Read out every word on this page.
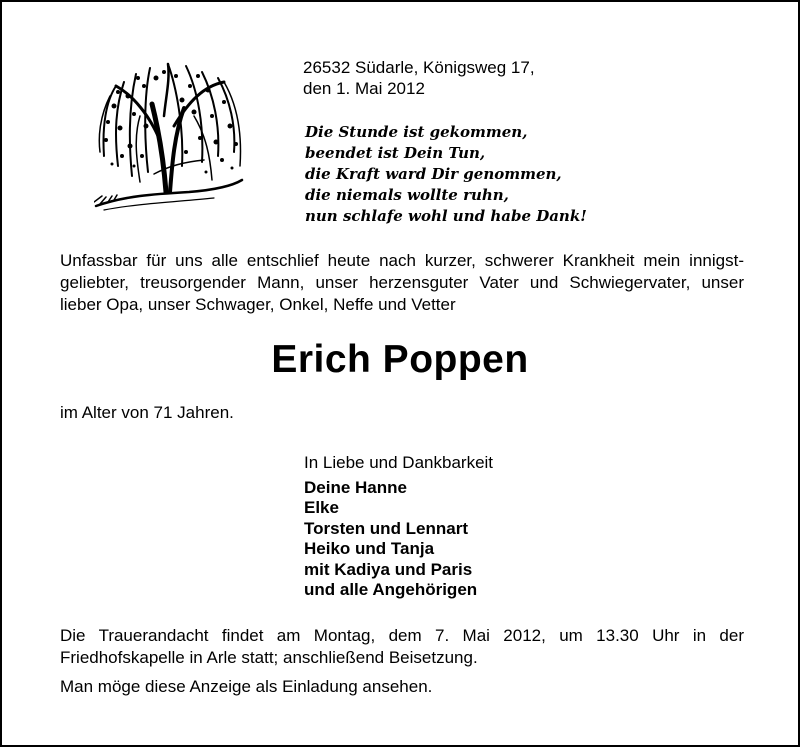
26532 Südarle, Königsweg 17,
den 1. Mai 2012
Die Stunde ist gekommen,
beendet ist Dein Tun,
die Kraft ward Dir genommen,
die niemals wollte ruhn,
nun schlafe wohl und habe Dank!
Unfassbar für uns alle entschlief heute nach kurzer, schwerer Krankheit mein innigst-
geliebter, treusorgender Mann, unser herzensguter Vater und Schwiegervater, unser
lieber Opa, unser Schwager, Onkel, Neffe und Vetter
Erich Poppen
im Alter von 71 Jahren.
In Liebe und Dankbarkeit
Deine Hanne
Elke
Torsten und Lennart
Heiko und Tanja
mit Kadiya und Paris
und alle Angehörigen
Die Trauerandacht findet am Montag, dem 7. Mai 2012, um 13.30 Uhr in der
Friedhofskapelle in Arle statt; anschließend Beisetzung.
Man möge diese Anzeige als Einladung ansehen.
